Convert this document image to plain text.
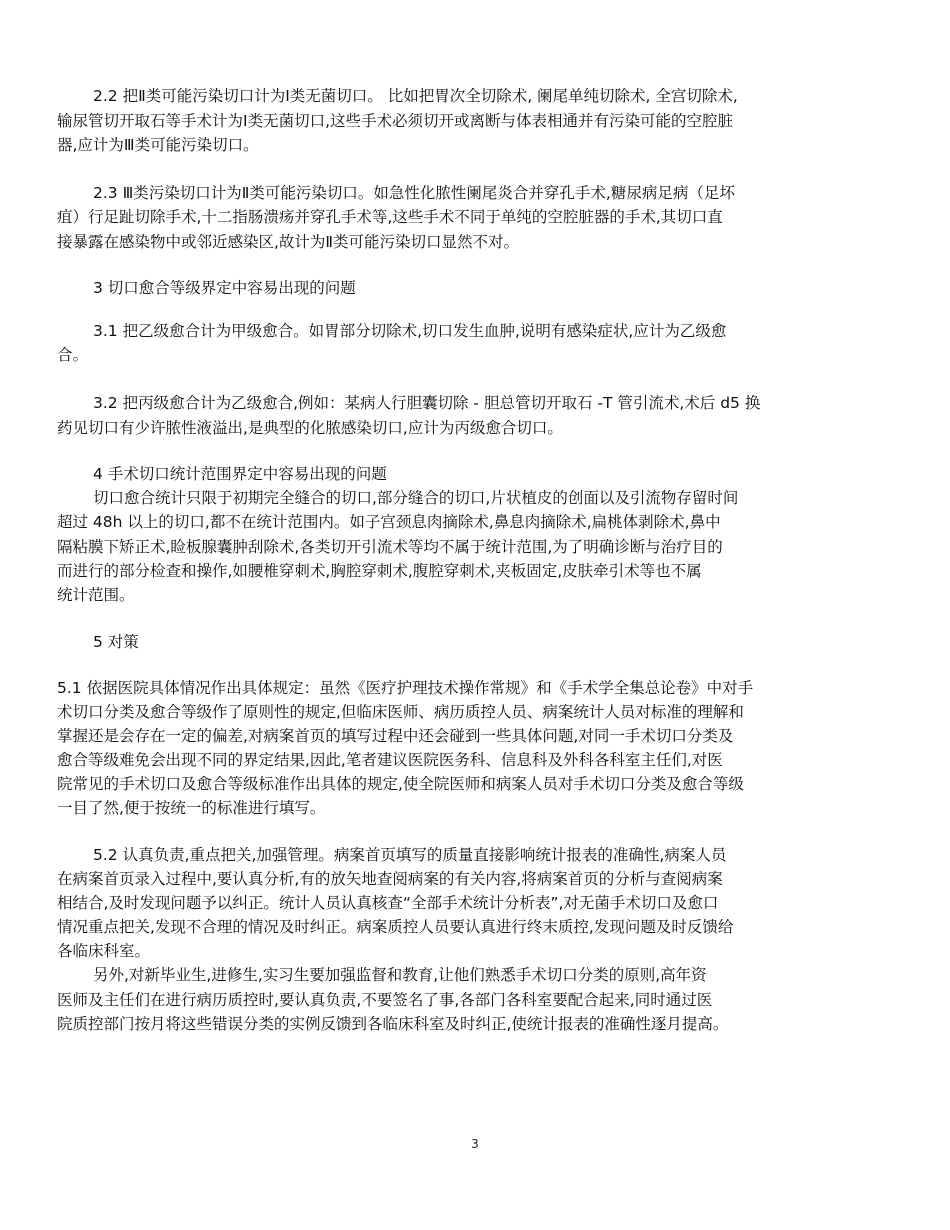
2.2 把Ⅱ类可能污染切口计为Ⅰ类无菌切口。 比如把胃次全切除术, 阑尾单纯切除术, 全宫切除术,
输尿管切开取石等手术计为Ⅰ类无菌切口,这些手术必须切开或离断与体表相通并有污染可能的空腔脏
器,应计为Ⅲ类可能污染切口。
2.3 Ⅲ类污染切口计为Ⅱ类可能污染切口。如急性化脓性阑尾炎合并穿孔手术,糖尿病足病（足坏
疽）行足趾切除手术,十二指肠溃疡并穿孔手术等,这些手术不同于单纯的空腔脏器的手术,其切口直
接暴露在感染物中或邻近感染区,故计为Ⅱ类可能污染切口显然不对。
3 切口愈合等级界定中容易出现的问题
3.1 把乙级愈合计为甲级愈合。如胃部分切除术,切口发生血肿,说明有感染症状,应计为乙级愈
合。
3.2 把丙级愈合计为乙级愈合,例如：某病人行胆囊切除 - 胆总管切开取石 -T 管引流术,术后 d5 换
药见切口有少许脓性液溢出,是典型的化脓感染切口,应计为丙级愈合切口。
4 手术切口统计范围界定中容易出现的问题
切口愈合统计只限于初期完全缝合的切口,部分缝合的切口,片状植皮的创面以及引流物存留时间
超过 48h 以上的切口,都不在统计范围内。如子宫颈息肉摘除术,鼻息肉摘除术,扁桃体剥除术,鼻中
隔粘膜下矫正术,睑板腺囊肿刮除术,各类切开引流术等均不属于统计范围,为了明确诊断与治疗目的
而进行的部分检查和操作,如腰椎穿刺术,胸腔穿刺术,腹腔穿刺术,夹板固定,皮肤牵引术等也不属
统计范围。
5 对策
5.1 依据医院具体情况作出具体规定：虽然《医疗护理技术操作常规》和《手术学全集总论卷》中对手
术切口分类及愈合等级作了原则性的规定,但临床医师、病历质控人员、病案统计人员对标准的理解和
掌握还是会存在一定的偏差,对病案首页的填写过程中还会碰到一些具体问题,对同一手术切口分类及
愈合等级难免会出现不同的界定结果,因此,笔者建议医院医务科、信息科及外科各科室主任们,对医
院常见的手术切口及愈合等级标准作出具体的规定,使全院医师和病案人员对手术切口分类及愈合等级
一目了然,便于按统一的标准进行填写。
5.2 认真负责,重点把关,加强管理。病案首页填写的质量直接影响统计报表的准确性,病案人员
在病案首页录入过程中,要认真分析,有的放矢地查阅病案的有关内容,将病案首页的分析与查阅病案
相结合,及时发现问题予以纠正。统计人员认真核查“全部手术统计分析表”,对无菌手术切口及愈口
情况重点把关,发现不合理的情况及时纠正。病案质控人员要认真进行终末质控,发现问题及时反馈给
各临床科室。
另外,对新毕业生,进修生,实习生要加强监督和教育,让他们熟悉手术切口分类的原则,高年资
医师及主任们在进行病历质控时,要认真负责,不要签名了事,各部门各科室要配合起来,同时通过医
院质控部门按月将这些错误分类的实例反馈到各临床科室及时纠正,使统计报表的准确性逐月提高。
3
